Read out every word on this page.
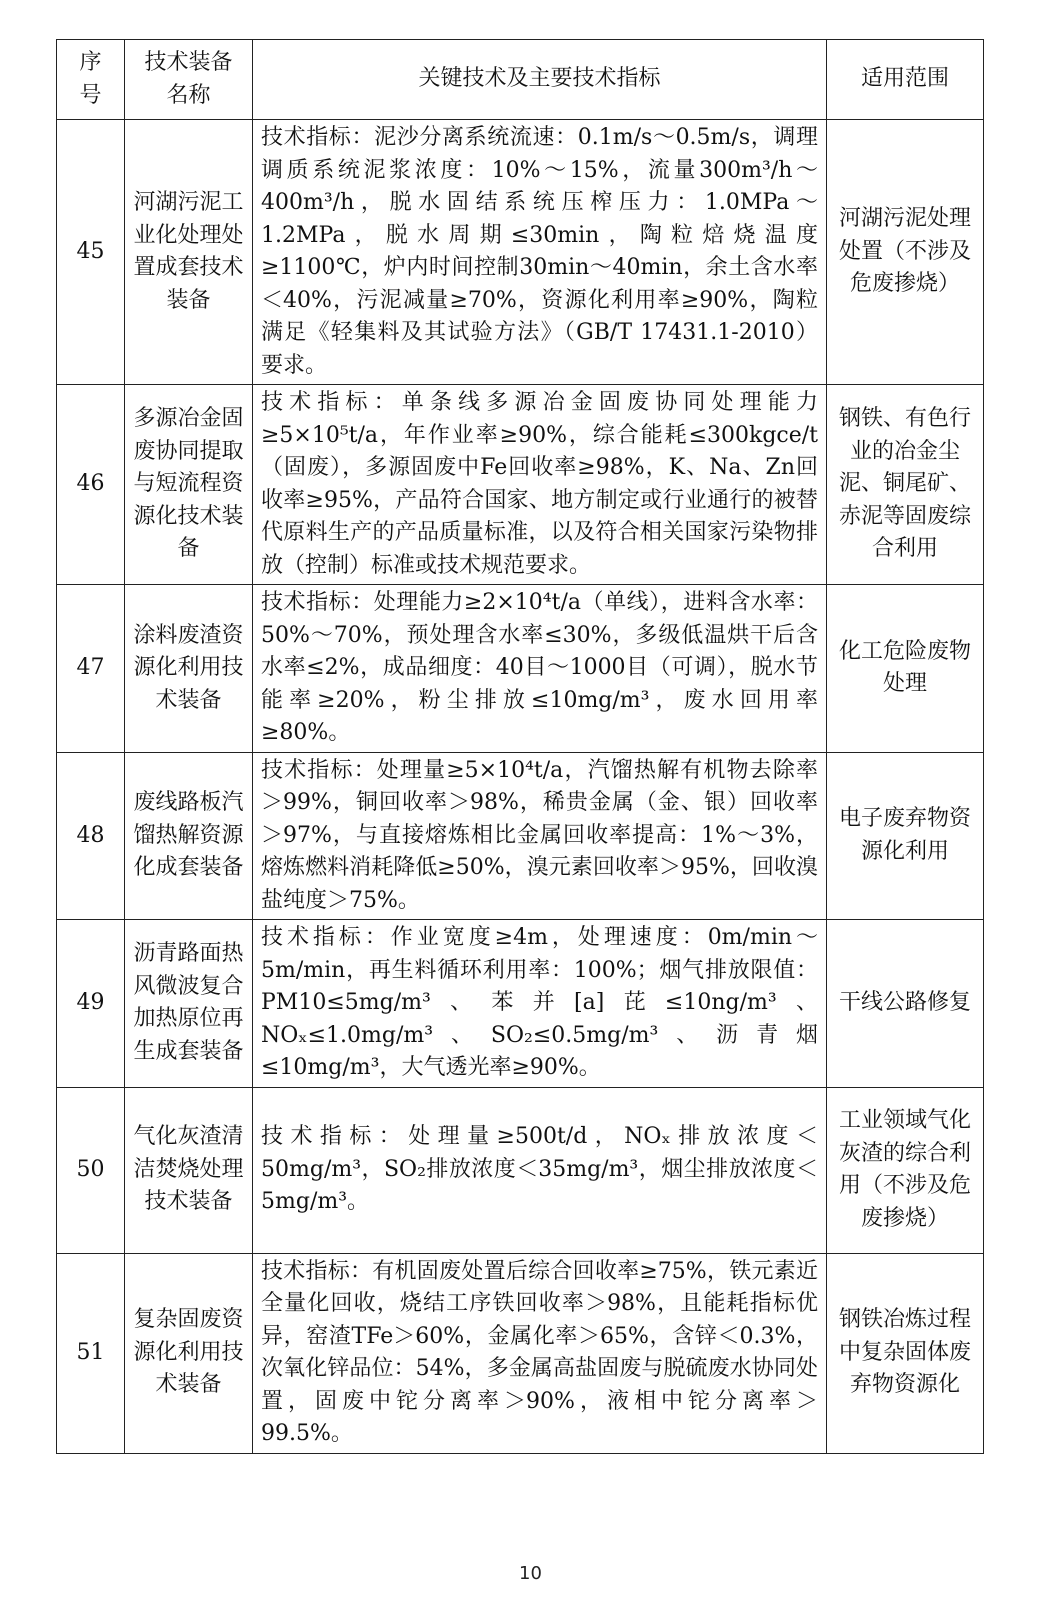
序号	技术装备名称	关键技术及主要技术指标	适用范围
45	河湖污泥工业化处理处置成套技术装备	技术指标：泥沙分离系统流速：0.1m/s～0.5m/s，调理调质系统泥浆浓度：10%～15%，流量300m³/h～400m³/h，脱水固结系统压榨压力：1.0MPa～1.2MPa，脱水周期≤30min，陶粒焙烧温度≥1100℃，炉内时间控制30min～40min，余土含水率＜40%，污泥减量≥70%，资源化利用率≥90%，陶粒满足《轻集料及其试验方法》（GB/T 17431.1-2010）要求。	河湖污泥处理处置（不涉及危废掺烧）
46	多源冶金固废协同提取与短流程资源化技术装备	技术指标：单条线多源冶金固废协同处理能力≥5×10⁵t/a，年作业率≥90%，综合能耗≤300kgce/t（固废），多源固废中Fe回收率≥98%，K、Na、Zn回收率≥95%，产品符合国家、地方制定或行业通行的被替代原料生产的产品质量标准，以及符合相关国家污染物排放（控制）标准或技术规范要求。	钢铁、有色行业的冶金尘泥、铜尾矿、赤泥等固废综合利用
47	涂料废渣资源化利用技术装备	技术指标：处理能力≥2×10⁴t/a（单线），进料含水率：50%～70%，预处理含水率≤30%，多级低温烘干后含水率≤2%，成品细度：40目～1000目（可调），脱水节能率≥20%，粉尘排放≤10mg/m³，废水回用率≥80%。	化工危险废物处理
48	废线路板汽馏热解资源化成套装备	技术指标：处理量≥5×10⁴t/a，汽馏热解有机物去除率＞99%，铜回收率＞98%，稀贵金属（金、银）回收率＞97%，与直接熔炼相比金属回收率提高：1%～3%，熔炼燃料消耗降低≥50%，溴元素回收率＞95%，回收溴盐纯度＞75%。	电子废弃物资源化利用
49	沥青路面热风微波复合加热原位再生成套装备	技术指标：作业宽度≥4m，处理速度：0m/min～5m/min，再生料循环利用率：100%；烟气排放限值：PM10≤5mg/m³、苯并[a]芘≤10ng/m³、NOₓ≤1.0mg/m³、SO₂≤0.5mg/m³、沥青烟≤10mg/m³，大气透光率≥90%。	干线公路修复
50	气化灰渣清洁焚烧处理技术装备	技术指标：处理量≥500t/d，NOₓ排放浓度＜50mg/m³，SO₂排放浓度＜35mg/m³，烟尘排放浓度＜5mg/m³。	工业领域气化灰渣的综合利用（不涉及危废掺烧）
51	复杂固废资源化利用技术装备	技术指标：有机固废处置后综合回收率≥75%，铁元素近全量化回收，烧结工序铁回收率＞98%，且能耗指标优异，窑渣TFe＞60%，金属化率＞65%，含锌＜0.3%，次氧化锌品位：54%，多金属高盐固废与脱硫废水协同处置，固废中铊分离率＞90%，液相中铊分离率＞99.5%。	钢铁冶炼过程中复杂固体废弃物资源化
10
